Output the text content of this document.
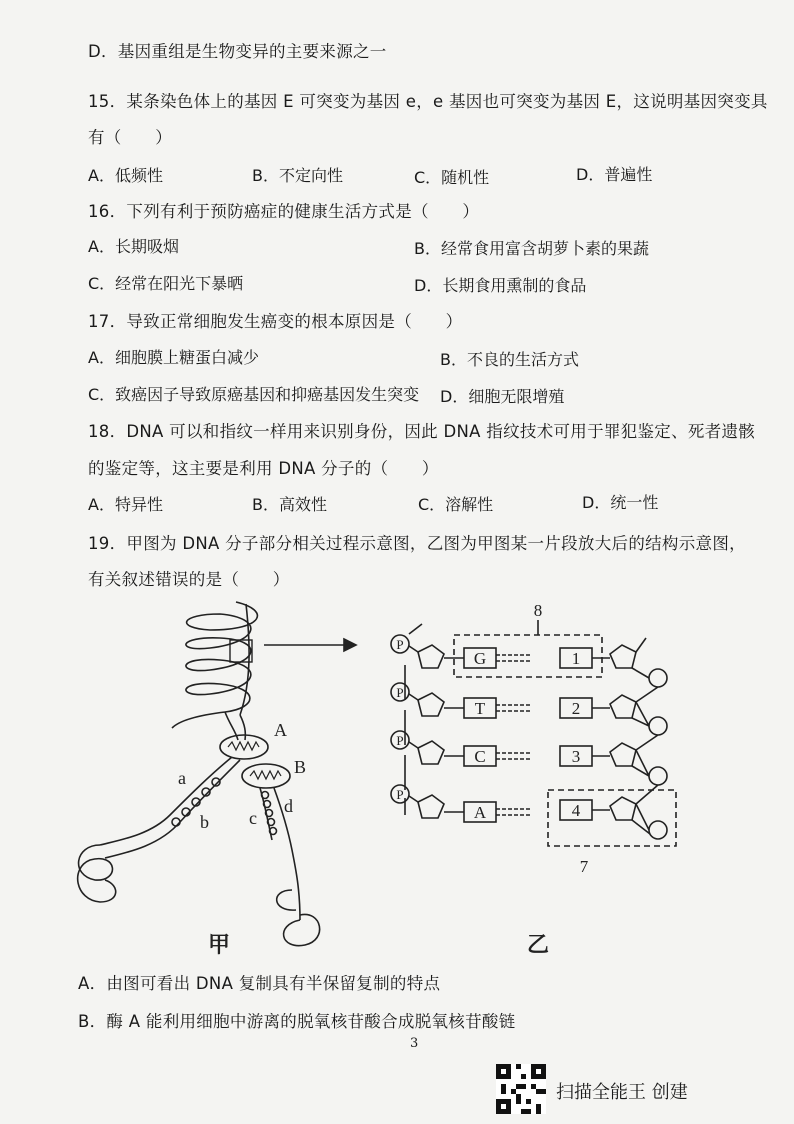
D．基因重组是生物变异的主要来源之一
15．某条染色体上的基因 E 可突变为基因 e，e 基因也可突变为基因 E，这说明基因突变具
有（　　）
A．低频性	B．不定向性	C．随机性	D．普遍性
16．下列有利于预防癌症的健康生活方式是（　　）
A．长期吸烟	B．经常食用富含胡萝卜素的果蔬
C．经常在阳光下暴晒	D．长期食用熏制的食品
17．导致正常细胞发生癌变的根本原因是（　　）
A．细胞膜上糖蛋白减少	B．不良的生活方式
C．致癌因子导致原癌基因和抑癌基因发生突变 D．细胞无限增殖
18．DNA 可以和指纹一样用来识别身份，因此 DNA 指纹技术可用于罪犯鉴定、死者遗骸
的鉴定等，这主要是利用 DNA 分子的（　　）
A．特异性	B．高效性	C．溶解性	D．统一性
19．甲图为 DNA 分子部分相关过程示意图，乙图为甲图某一片段放大后的结构示意图，
有关叙述错误的是（　　）
A
B
a
b c
d
甲
P
P
P
P
G
T
C
A
1
2
3
4
8
7
乙
A．由图可看出 DNA 复制具有半保留复制的特点
B．酶 A 能利用细胞中游离的脱氧核苷酸合成脱氧核苷酸链
3
扫描全能王 创建
